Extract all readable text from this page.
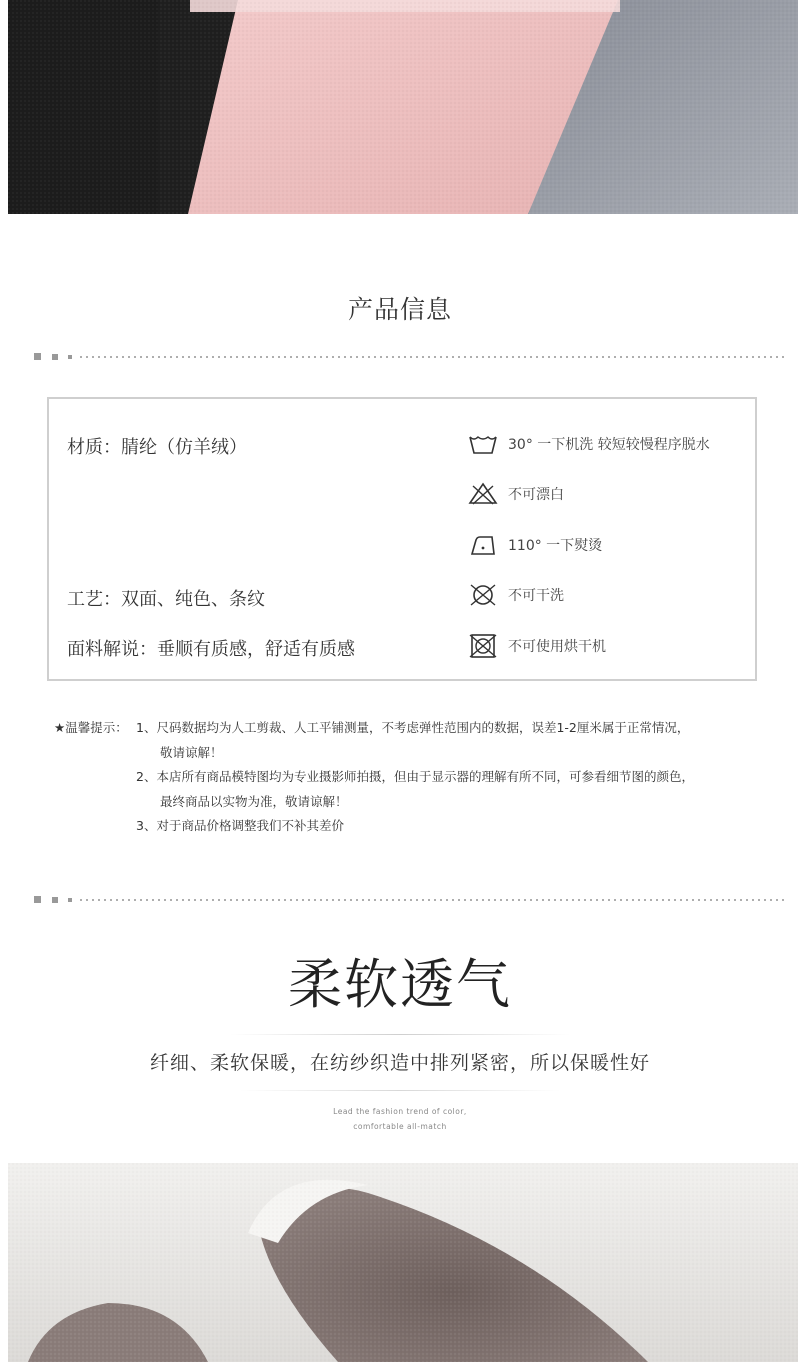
产品信息
材质：腈纶（仿羊绒）
工艺：双面、纯色、条纹
面料解说：垂顺有质感，舒适有质感
30° 一下机洗 较短较慢程序脱水
不可漂白
110° 一下熨烫
不可干洗
不可使用烘干机
★温馨提示： 1、尺码数据均为人工剪裁、人工平铺测量，不考虑弹性范围内的数据，误差1-2厘米属于正常情况，
敬请谅解！
2、本店所有商品模特图均为专业摄影师拍摄，但由于显示器的理解有所不同，可参看细节图的颜色，
最终商品以实物为准，敬请谅解！
3、对于商品价格调整我们不补其差价
柔软透气
纤细、柔软保暖，在纺纱织造中排列紧密，所以保暖性好
Lead the fashion trend of color,
comfortable all-match
